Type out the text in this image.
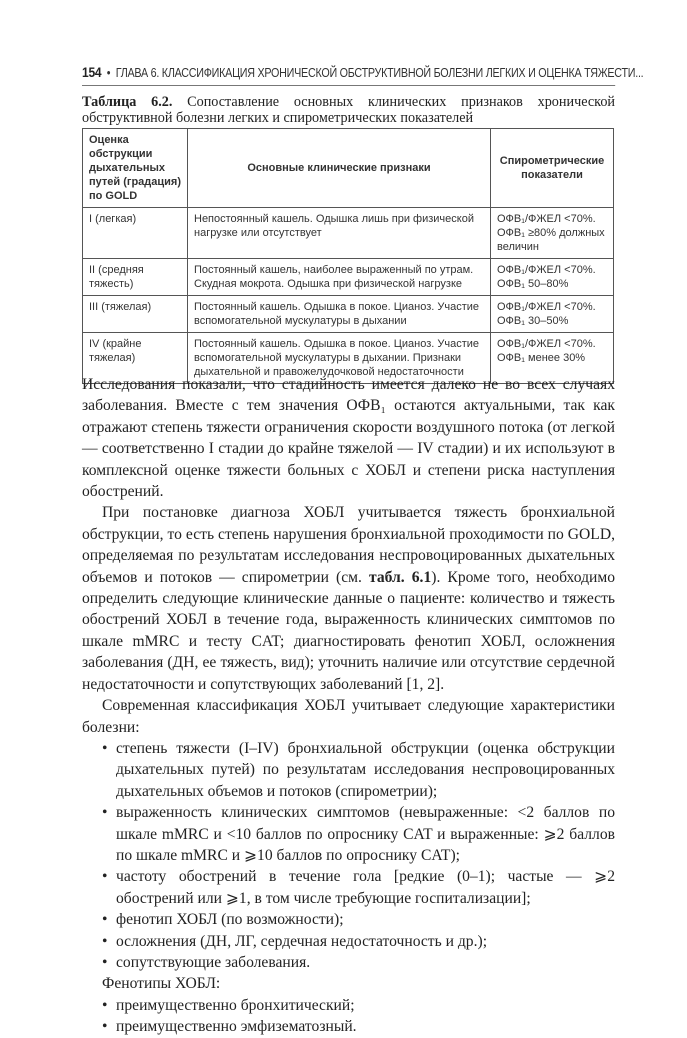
154 • ГЛАВА 6. КЛАССИФИКАЦИЯ ХРОНИЧЕСКОЙ ОБСТРУКТИВНОЙ БОЛЕЗНИ ЛЕГКИХ И ОЦЕНКА ТЯЖЕСТИ...
Таблица 6.2. Сопоставление основных клинических признаков хронической обструктивной болезни легких и спирометрических показателей
Оценка обструкции дыхательных путей (градация) по GOLD	Основные клинические признаки	Спирометрические показатели
I (легкая)	Непостоянный кашель. Одышка лишь при физической нагрузке или отсутствует	ОФВ₁/ФЖЕЛ <70%. ОФВ₁ ≥80% должных величин
II (средняя тяжесть)	Постоянный кашель, наиболее выраженный по утрам. Скудная мокрота. Одышка при физической нагрузке	ОФВ₁/ФЖЕЛ <70%. ОФВ₁ 50–80%
III (тяжелая)	Постоянный кашель. Одышка в покое. Цианоз. Участие вспомогательной мускулатуры в дыхании	ОФВ₁/ФЖЕЛ <70%. ОФВ₁ 30–50%
IV (крайне тяжелая)	Постоянный кашель. Одышка в покое. Цианоз. Участие вспомогательной мускулатуры в дыхании. Признаки дыхательной и правожелудочковой недостаточности	ОФВ₁/ФЖЕЛ <70%. ОФВ₁ менее 30%

Исследования показали, что стадийность имеется далеко не во всех случаях заболевания. Вместе с тем значения ОФВ₁ остаются актуальными, так как отражают степень тяжести ограничения скорости воздушного потока (от легкой — соответственно I стадии до крайне тяжелой — IV стадии) и их используют в комплексной оценке тяжести больных с ХОБЛ и степени риска наступления обострений.

При постановке диагноза ХОБЛ учитывается тяжесть бронхиальной обструкции, то есть степень нарушения бронхиальной проходимости по GOLD, определяемая по результатам исследования неспровоцированных дыхательных объемов и потоков — спирометрии (см. табл. 6.1). Кроме того, необходимо определить следующие клинические данные о пациенте: количество и тяжесть обострений ХОБЛ в течение года, выраженность клинических симптомов по шкале mMRC и тесту CAT; диагностировать фенотип ХОБЛ, осложнения заболевания (ДН, ее тяжесть, вид); уточнить наличие или отсутствие сердечной недостаточности и сопутствующих заболеваний [1, 2].

Современная классификация ХОБЛ учитывает следующие характеристики болезни:

• степень тяжести (I–IV) бронхиальной обструкции (оценка обструкции дыхательных путей) по результатам исследования неспровоцированных дыхательных объемов и потоков (спирометрии);
• выраженность клинических симптомов (невыраженные: <2 баллов по шкале mMRC и <10 баллов по опроснику CAT и выраженные: ⩾2 баллов по шкале mMRC и ⩾10 баллов по опроснику CAT);
• частоту обострений в течение гола [редкие (0–1); частые — ⩾2 обострений или ⩾1, в том числе требующие госпитализации];
• фенотип ХОБЛ (по возможности);
• осложнения (ДН, ЛГ, сердечная недостаточность и др.);
• сопутствующие заболевания.
Фенотипы ХОБЛ:
• преимущественно бронхитический;
• преимущественно эмфизематозный.
